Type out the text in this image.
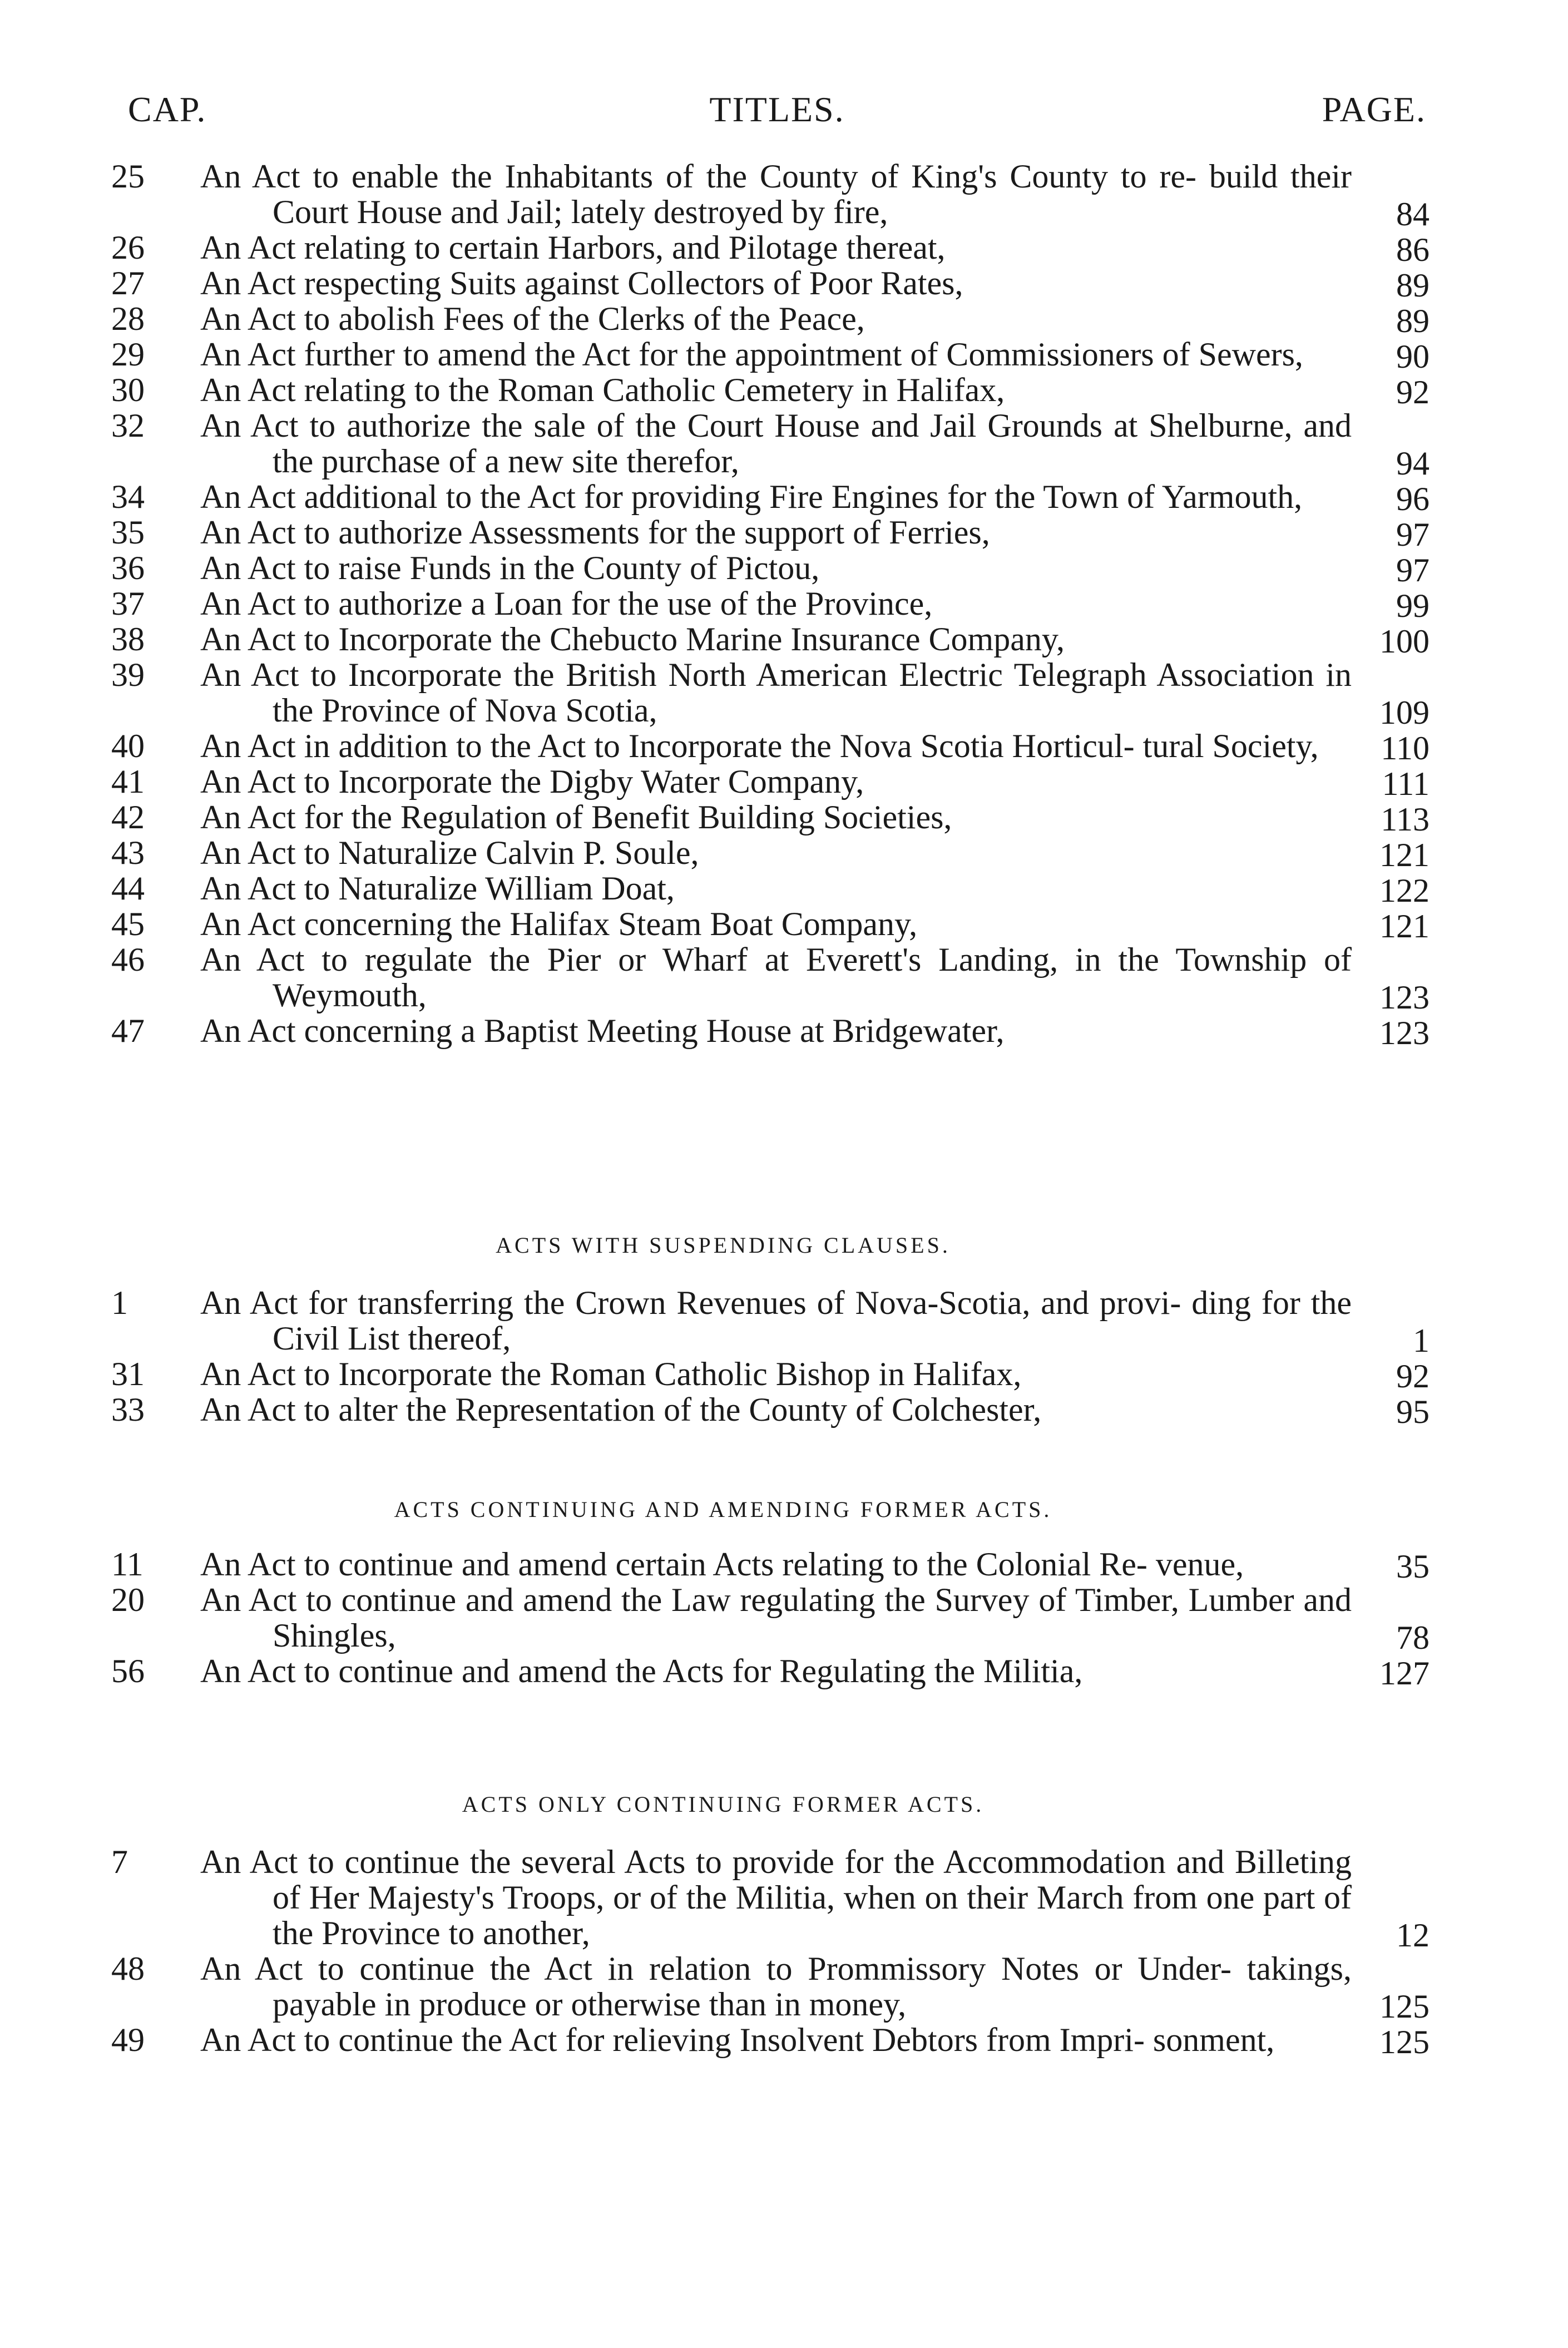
CAP.	TITLES.	PAGE.
25	An Act to enable the Inhabitants of the County of King's County to re- build their Court House and Jail; lately destroyed by fire,	84
26	An Act relating to certain Harbors, and Pilotage thereat,	86
27	An Act respecting Suits against Collectors of Poor Rates,	89
28	An Act to abolish Fees of the Clerks of the Peace,	89
29	An Act further to amend the Act for the appointment of Commissioners of Sewers,	90
30	An Act relating to the Roman Catholic Cemetery in Halifax,	92
32	An Act to authorize the sale of the Court House and Jail Grounds at Shelburne, and the purchase of a new site therefor,	94
34	An Act additional to the Act for providing Fire Engines for the Town of Yarmouth,	96
35	An Act to authorize Assessments for the support of Ferries,	97
36	An Act to raise Funds in the County of Pictou,	97
37	An Act to authorize a Loan for the use of the Province,	99
38	An Act to Incorporate the Chebucto Marine Insurance Company,	100
39	An Act to Incorporate the British North American Electric Telegraph Association in the Province of Nova Scotia,	109
40	An Act in addition to the Act to Incorporate the Nova Scotia Horticul- tural Society,	110
41	An Act to Incorporate the Digby Water Company,	111
42	An Act for the Regulation of Benefit Building Societies,	113
43	An Act to Naturalize Calvin P. Soule,	121
44	An Act to Naturalize William Doat,	122
45	An Act concerning the Halifax Steam Boat Company,	121
46	An Act to regulate the Pier or Wharf at Everett's Landing, in the Township of Weymouth,	123
47	An Act concerning a Baptist Meeting House at Bridgewater,	123
ACTS WITH SUSPENDING CLAUSES.
1	An Act for transferring the Crown Revenues of Nova-Scotia, and provi- ding for the Civil List thereof,	1
31	An Act to Incorporate the Roman Catholic Bishop in Halifax,	92
33	An Act to alter the Representation of the County of Colchester,	95
ACTS CONTINUING AND AMENDING FORMER ACTS.
11	An Act to continue and amend certain Acts relating to the Colonial Re- venue,	35
20	An Act to continue and amend the Law regulating the Survey of Timber, Lumber and Shingles,	78
56	An Act to continue and amend the Acts for Regulating the Militia,	127
ACTS ONLY CONTINUING FORMER ACTS.
7	An Act to continue the several Acts to provide for the Accommodation and Billeting of Her Majesty's Troops, or of the Militia, when on their March from one part of the Province to another,	12
48	An Act to continue the Act in relation to Prommissory Notes or Under- takings, payable in produce or otherwise than in money,	125
49	An Act to continue the Act for relieving Insolvent Debtors from Impri- sonment,	125
